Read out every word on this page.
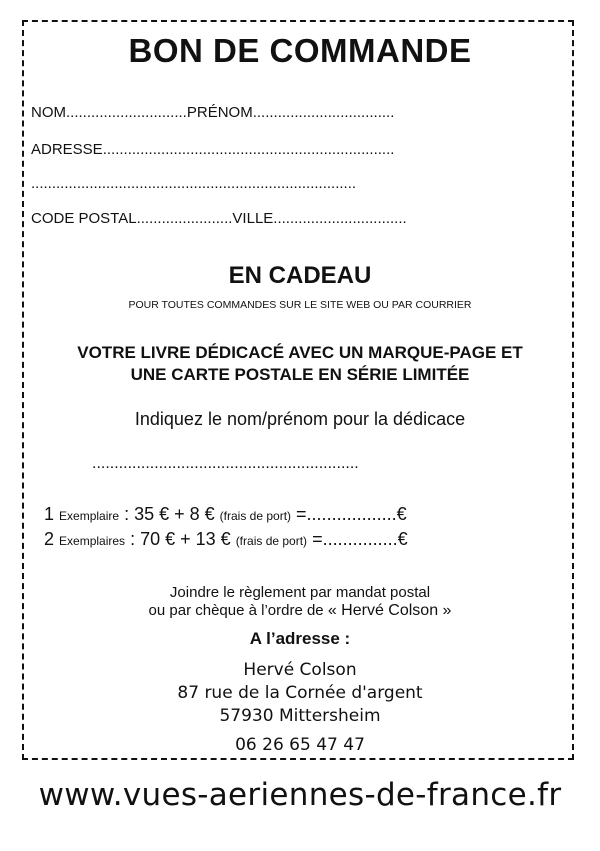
BON DE COMMANDE
NOM.............................PRÉNOM..................................
ADRESSE......................................................................
..............................................................................
CODE POSTAL.......................VILLE................................
EN CADEAU
POUR TOUTES COMMANDES SUR LE SITE WEB OU PAR COURRIER
VOTRE LIVRE DÉDICACÉ AVEC UN MARQUE-PAGE ET
UNE CARTE POSTALE EN SÉRIE LIMITÉE
Indiquez le nom/prénom pour la dédicace
............................................................
1 Exemplaire : 35 € + 8 € (frais de port) =..................€
2 Exemplaires : 70 € + 13 € (frais de port) =...............€
Joindre le règlement par mandat postal
ou par chèque à l’ordre de « Hervé Colson »
A l’adresse :
Hervé Colson
87 rue de la Cornée d'argent
57930 Mittersheim
06 26 65 47 47
www.vues-aeriennes-de-france.fr
